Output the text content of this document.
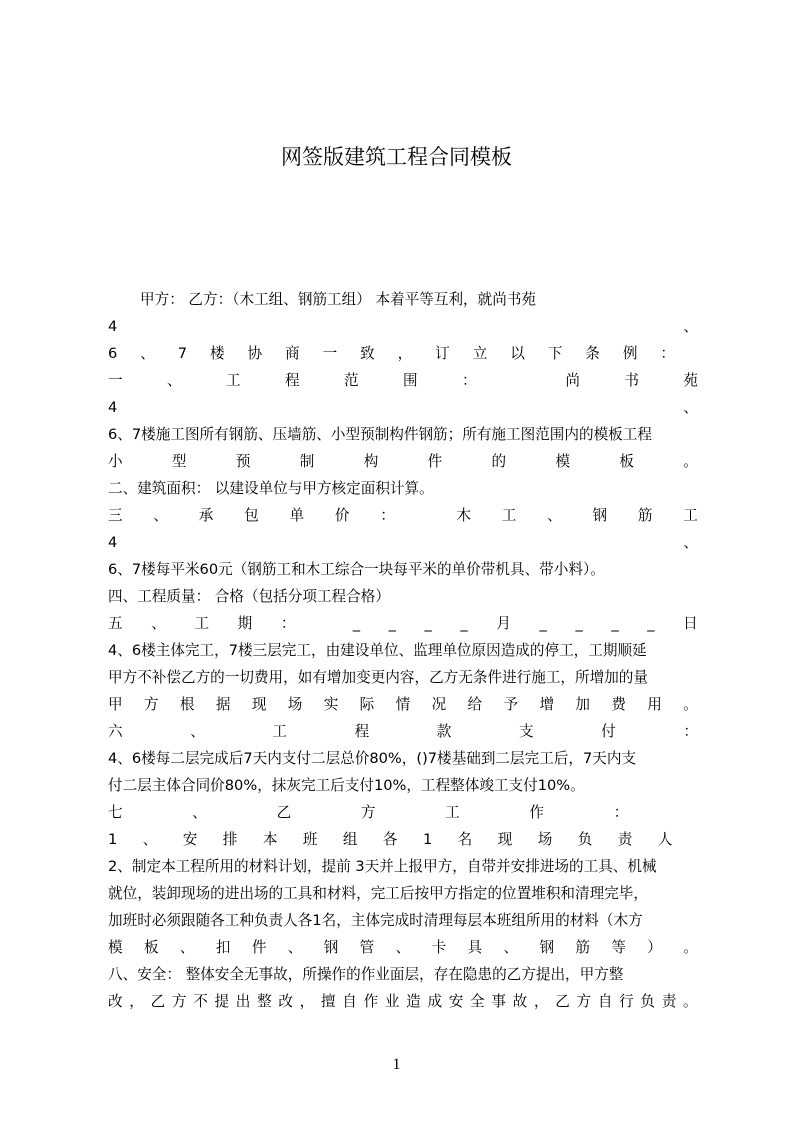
网签版建筑工程合同模板
甲方： 乙方：（木工组、钢筋工组） 本着平等互利，就尚书苑
4	、
6 、 7 楼 协 商 一 致 ， 订 立 以 下 条 例 ：
一	、	工	程	范	围	：	尚	书	苑
4	、
6、7楼施工图所有钢筋、压墙筋、小型预制构件钢筋；所有施工图范围内的模板工程
小	型	预	制	构	件	的	模	板	。
二、建筑面积： 以建设单位与甲方核定面积计算。
三 、 承 包 单 价 ：	木 工 、 钢 筋 工
4	、
6、7楼每平米60元（钢筋工和木工综合一块每平米的单价带机具、带小料）。
四、工程质量： 合格（包括分项工程合格）
五 、 工 期 ：	_ _ _ _ 月 _ _ _ _ 日
4、6楼主体完工，7楼三层完工，由建设单位、监理单位原因造成的停工，工期顺延
甲方不补偿乙方的一切费用，如有增加变更内容，乙方无条件进行施工，所增加的量
甲 方 根 据 现 场 实 际 情 况 给 予 增 加 费 用 。
六	、	工	程	款	支	付	：
4、6楼每二层完成后7天内支付二层总价80%，()7楼基础到二层完工后，7天内支
付二层主体合同价80%，抹灰完工后支付10%，工程整体竣工支付10%。
七	、	乙	方	工	作	：
1 、 安 排 本 班 组 各 1 名 现 场 负 责 人
2、制定本工程所用的材料计划，提前 3天并上报甲方，自带并安排进场的工具、机械
就位，装卸现场的进出场的工具和材料，完工后按甲方指定的位置堆积和清理完毕，
加班时必须跟随各工种负责人各1名，主体完成时清理每层本班组所用的材料（木方
模 板 、 扣 件 、 钢 管 、 卡 具 、 钢 筋 等 ） 。
八、安全： 整体安全无事故，所操作的作业面层，存在隐患的乙方提出，甲方整
改 ， 乙 方 不 提 出 整 改 ， 擅 自 作 业 造 成 安 全 事 故 ， 乙 方 自 行 负 责 。
1
